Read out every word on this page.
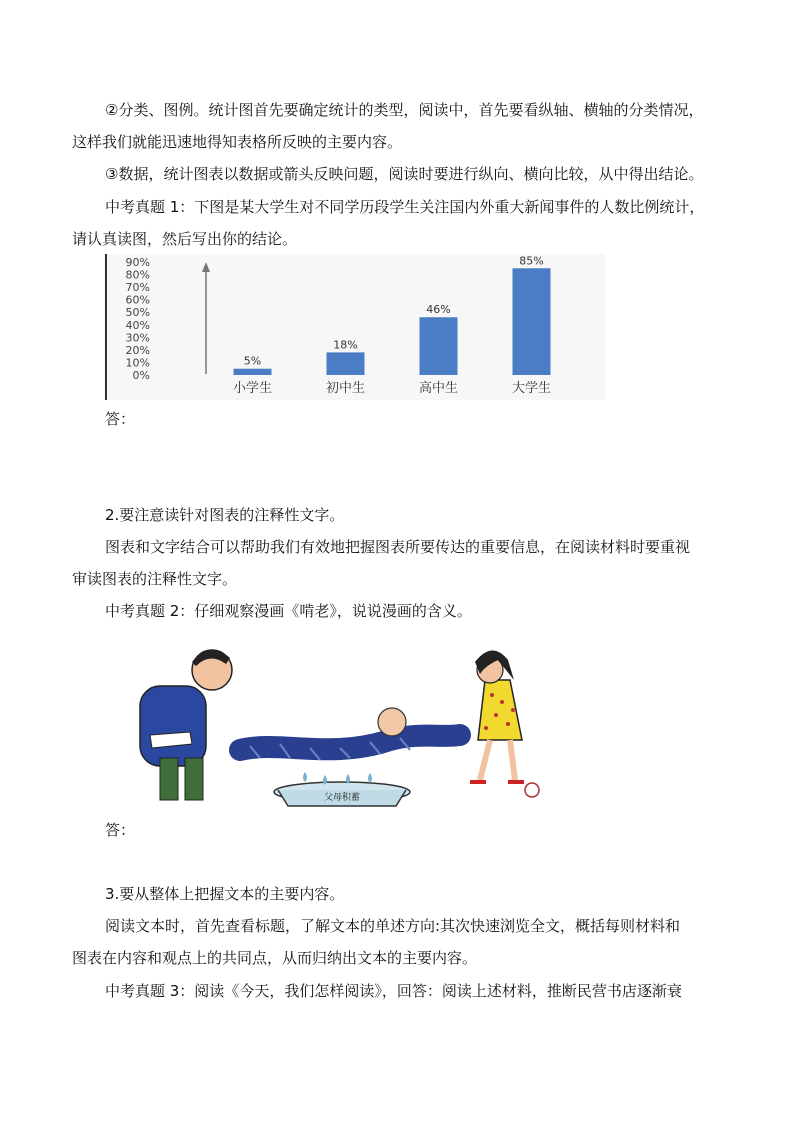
②分类、图例。统计图首先要确定统计的类型，阅读中，首先要看纵轴、横轴的分类情况，
这样我们就能迅速地得知表格所反映的主要内容。
③数据，统计图表以数据或箭头反映问题，阅读时要进行纵向、横向比较，从中得出结论。
中考真题 1：下图是某大学生对不同学历段学生关注国内外重大新闻事件的人数比例统计，
请认真读图，然后写出你的结论。
0%
10%
20%
30%
40%
50%
60%
70%
80%
90%
5%
18%
46%
85%
小学生	初中生	高中生	大学生
答：
2.要注意读针对图表的注释性文字。
图表和文字结合可以帮助我们有效地把握图表所要传达的重要信息，在阅读材料时要重视
审读图表的注释性文字。
中考真题 2：仔细观察漫画《啃老》，说说漫画的含义。
父母积蓄
答：
3.要从整体上把握文本的主要内容。
阅读文本时，首先查看标题，了解文本的单述方向:其次快速浏览全文，概括每则材料和
图表在内容和观点上的共同点，从而归纳出文本的主要内容。
中考真题 3：阅读《今天，我们怎样阅读》，回答：阅读上述材料，推断民营书店逐渐衰
